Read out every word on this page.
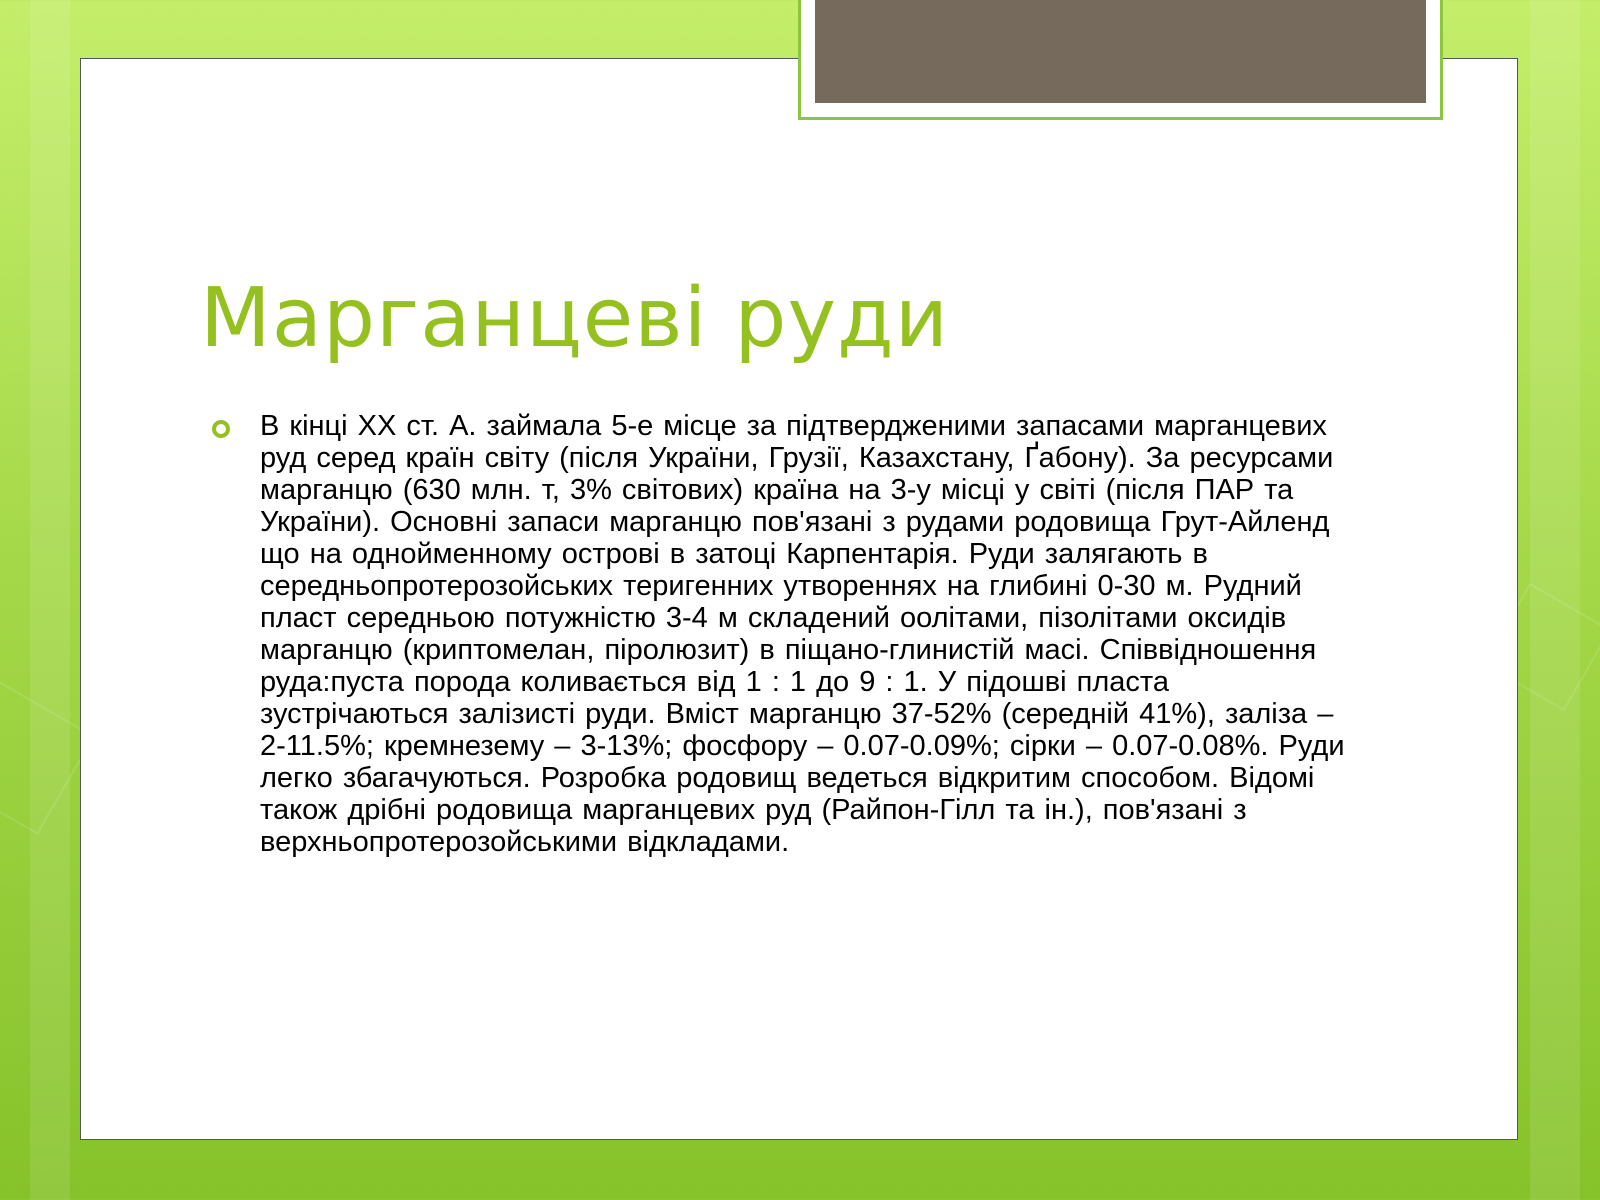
Марганцеві руди

В кінці ХХ ст. А. займала 5-е місце за підтвердженими запасами марганцевих руд серед країн світу (після України, Грузії, Казахстану, Ґабону). За ресурсами марганцю (630 млн. т, 3% світових) країна на 3-у місці у світі (після ПАР та України). Основні запаси марганцю пов'язані з рудами родовища Грут-Айленд що на однойменному острові в затоці Карпентарія. Руди залягають в середньопротерозойських теригенних утвореннях на глибині 0-30 м. Рудний пласт середньою потужністю 3-4 м складений оолітами, пізолітами оксидів марганцю (криптомелан, піролюзит) в піщано-глинистій масі. Співвідношення руда:пуста порода коливається від 1 : 1 до 9 : 1. У підошві пласта зустрічаються залізисті руди. Вміст марганцю 37-52% (середній 41%), заліза – 2-11.5%; кремнезему – 3-13%; фосфору – 0.07-0.09%; сірки – 0.07-0.08%. Руди легко збагачуються. Розробка родовищ ведеться відкритим способом. Відомі також дрібні родовища марганцевих руд (Райпон-Гілл та ін.), пов'язані з верхньопротерозойськими відкладами.
